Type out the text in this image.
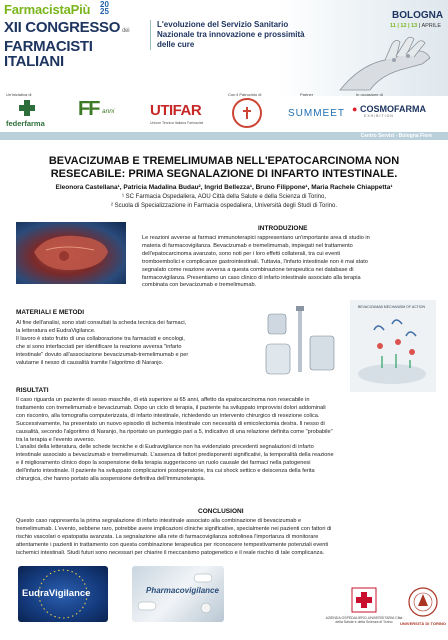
FarmacistaPiù 20
25
XII CONGRESSO dei
FARMACISTI
ITALIANI
L'evoluzione del Servizio Sanitario Nazionale tra innovazione e prossimità delle cure
BOLOGNA
11 | 12 | 13 | APRILE
Un'iniziativa di
federfarma
FF anni UTIFAR
Unione Tecnica Italiana Farmacisti
Con il Patrocinio di	Partner
SUMMEET
In occasione di
● COSMOFARMA
EXHIBITION
Centro Servizi - Bologna Fiere
BEVACIZUMAB E TREMELIMUMAB NELL'EPATOCARCINOMA NON
RESECABILE: PRIMA SEGNALAZIONE DI INFARTO INTESTINALE.
Eleonora Castellana¹, Patricia Madalina Budau², Ingrid Bellezza¹, Bruno Filippone¹, Maria Rachele Chiappetta¹
¹ SC Farmacia Ospedaliera, AOU Città della Salute e della Scienza di Torino,
² Scuola di Specializzazione in Farmacia ospedaliera, Università degli Studi di Torino.
INTRODUZIONE
Le reazioni avverse ai farmaci immunoterapici rappresentano un'importante area di studio in
materia di farmacovigilanza. Bevacizumab e tremelimumab, impiegati nel trattamento
dell'epatocarcinoma avanzato, sono noti per i loro effetti collaterali, tra cui eventi
tromboembolici e complicanze gastrointestinali. Tuttavia, l'infarto intestinale non è mai stato
segnalato come reazione avversa a questa combinazione terapeutica nei database di
farmacovigilanza. Presentiamo un caso clinico di infarto intestinale associato alla terapia
combinata con bevacizumab e tremelimumab.
MATERIALI E METODI
Al fine dell'analisi, sono stati consultati la scheda tecnica dei farmaci,
la letteratura ed EudraVigilance.
Il lavoro è stato frutto di una collaborazione tra farmacisti e oncologi,
che si sono interfacciati per identificare la reazione avversa "infarto
intestinale" dovuto all'associazione bevacizumab-tremelimumab e per
valutarne il nesso di causalità tramite l'algoritmo di Naranjo.
BEVACIZUMAB MECHANISM OF ACTION
RISULTATI
Il caso riguarda un paziente di sesso maschile, di età superiore ai 65 anni, affetto da epatocarcinoma non resecabile in
trattamento con tremelimumab e bevacizumab. Dopo un ciclo di terapia, il paziente ha sviluppato improvvisi dolori addominali
con riscontro, alla tomografia computerizzata, di infarto intestinale, richiedendo un intervento chirurgico di resezione colica.
Successivamente, ha presentato un nuovo episodio di ischemia intestinale con necessità di emicolectomia destra. Il nesso di
causalità, secondo l'algoritmo di Naranjo, ha riportato un punteggio pari a 5, indicativo di una relazione definita come "probabile"
tra la terapia e l'evento avverso.
L'analisi della letteratura, delle schede tecniche e di Eudravigilance non ha evidenziato precedenti segnalazioni di infarto
intestinale associato a bevacizumab e tremelimumab. L'assenza di fattori predisponenti significativi, la temporalità della reazione
e il miglioramento clinico dopo la sospensione della terapia suggeriscono un ruolo causale dei farmaci nella patogenesi
dell'infarto intestinale. Il paziente ha sviluppato complicazioni postoperatorie, tra cui shock settico e deiscenza della ferita
chirurgica, che hanno portato alla sospensione definitiva dell'immunoterapia.
CONCLUSIONI
Questo caso rappresenta la prima segnalazione di infarto intestinale associato alla combinazione di bevacizumab e
tremelimumab. L'evento, sebbene raro, potrebbe avere implicazioni cliniche significative, specialmente nei pazienti con fattori di
rischio vascolari o epatopatia avanzata. La segnalazione alla rete di farmacovigilanza sottolinea l'importanza di monitorare
attentamente i pazienti in trattamento con questa combinazione terapeutica per riconoscere tempestivamente potenziali eventi
ischemici intestinali. Studi futuri sono necessari per chiarire il meccanismo patogenetico e il reale rischio di tale complicanza.
EudraVigilance	Pharmacovigilance
AZIENDA OSPEDALIERO-UNIVERSITARIA Città della Salute e della Scienza di Torino	UNIVERSITÀ DI TORINO
